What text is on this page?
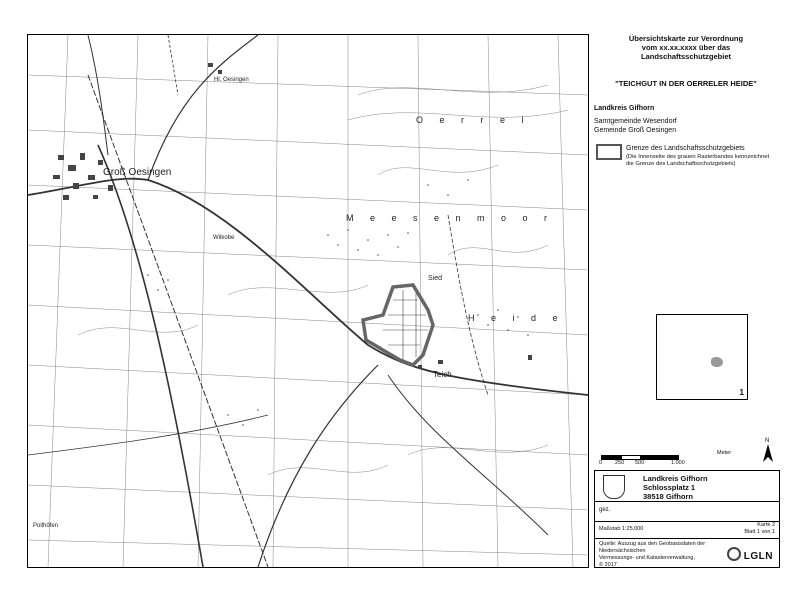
Groß Oesingen
O e r r e l
M e e s e n m o o r
H e i d e
Wilkobe
Teich
Sied
Pollhöfen
Hl. Oesingen
Übersichtskarte zur Verordnung
vom xx.xx.xxxx über das
Landschaftsschutzgebiet
"TEICHGUT IN DER OERRELER HEIDE"
Landkreis Gifhorn
Samtgemeinde Wesendorf
Gemeinde Groß Oesingen
Grenze des Landschaftsschutzgebiets
(Die Innenseite des grauen Rasterbandes kennzeichnet die Grenze des Landschaftsschutzgebiets)
1
0 250 500	1.000
Meter
N
Landkreis Gifhorn
Schlossplatz 1
38518 Gifhorn
gez.
Maßstab 1:25.000
Karte 2
Blatt 1 von 1
Quelle: Auszug aus den Geobasisdaten der Niedersächsischen
Vermessungs- und Katasterverwaltung,
© 2017
LGLN
